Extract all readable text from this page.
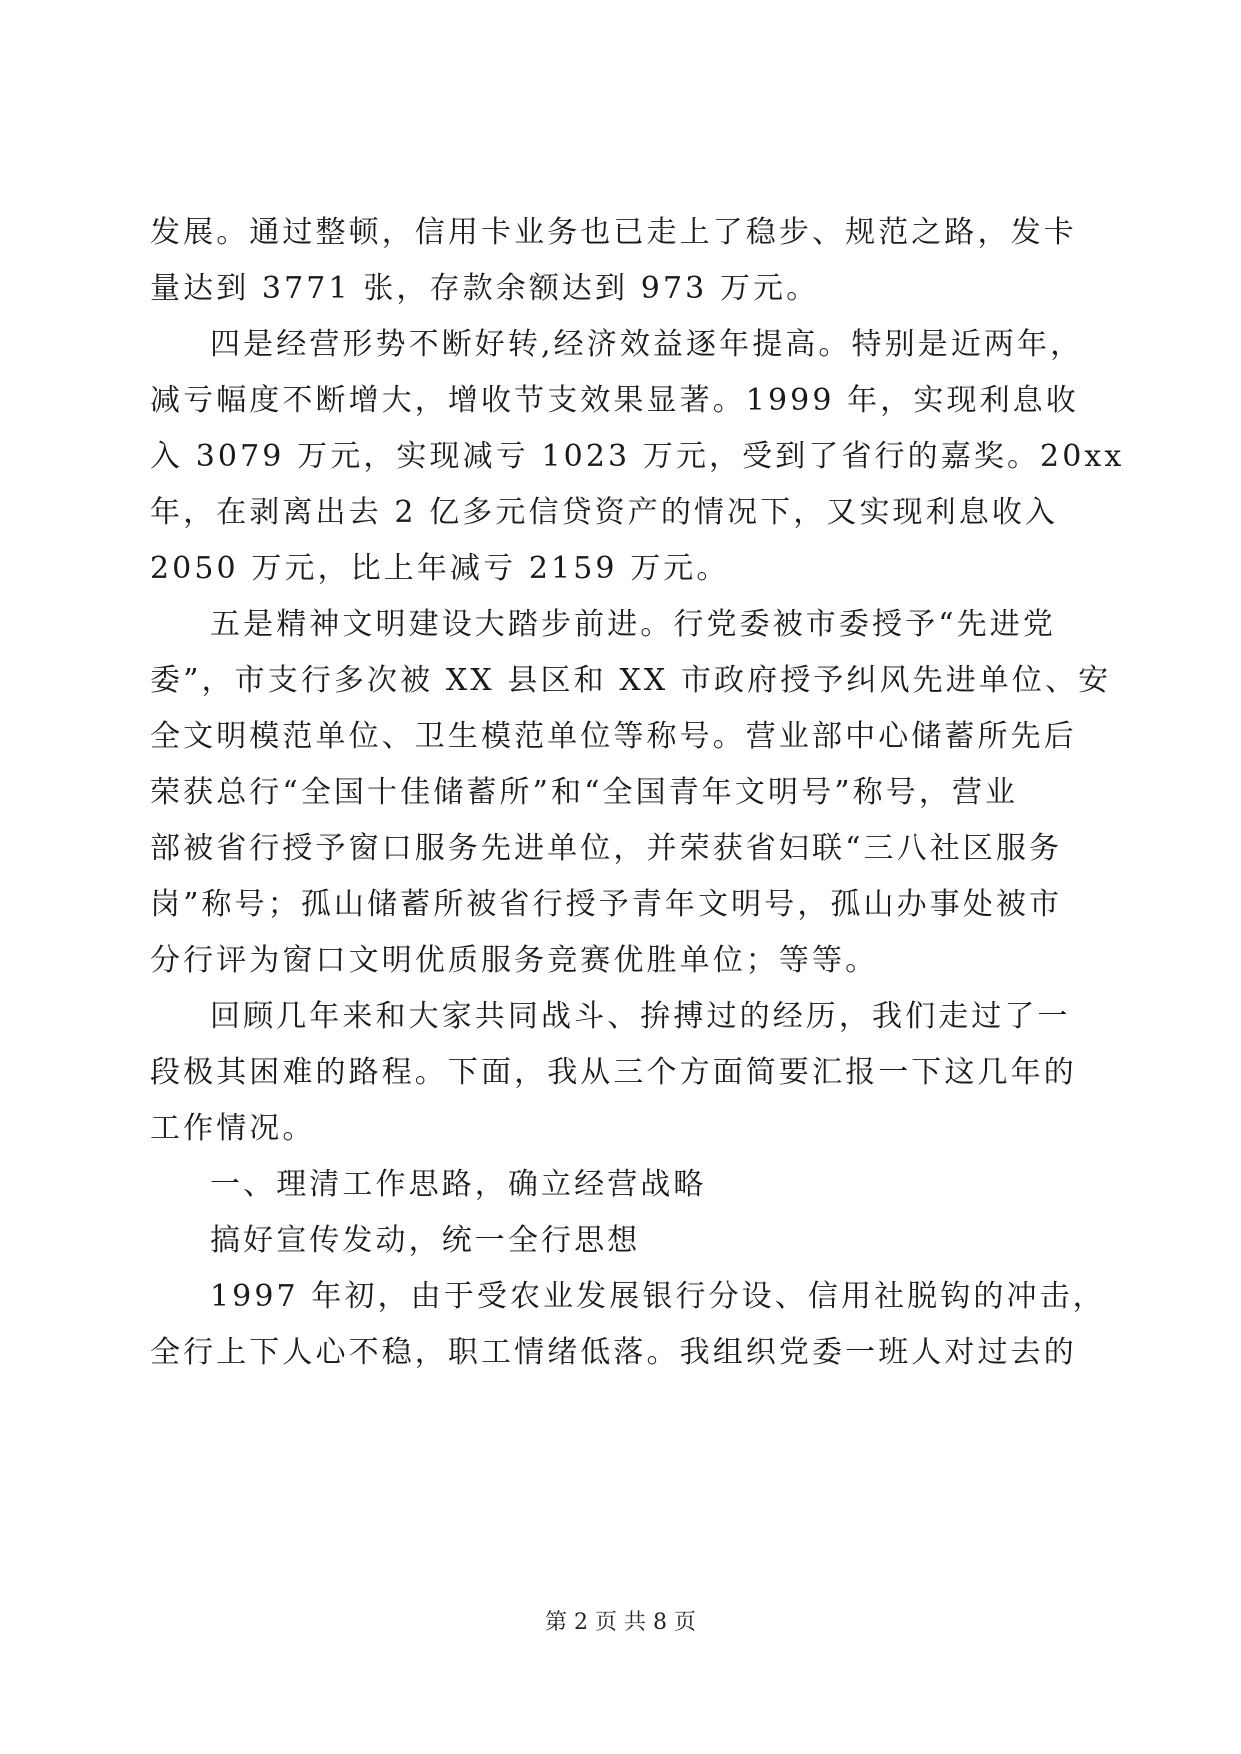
发展。通过整顿，信用卡业务也已走上了稳步、规范之路，发卡
量达到 3771 张，存款余额达到 973 万元。
四是经营形势不断好转,经济效益逐年提高。特别是近两年，
减亏幅度不断增大，增收节支效果显著。1999 年，实现利息收
入 3079 万元，实现减亏 1023 万元，受到了省行的嘉奖。20xx
年，在剥离出去 2 亿多元信贷资产的情况下，又实现利息收入
2050 万元，比上年减亏 2159 万元。
五是精神文明建设大踏步前进。行党委被市委授予“先进党
委”，市支行多次被 XX 县区和 XX 市政府授予纠风先进单位、安
全文明模范单位、卫生模范单位等称号。营业部中心储蓄所先后
荣获总行“全国十佳储蓄所”和“全国青年文明号”称号，营业
部被省行授予窗口服务先进单位，并荣获省妇联“三八社区服务
岗”称号；孤山储蓄所被省行授予青年文明号，孤山办事处被市
分行评为窗口文明优质服务竞赛优胜单位；等等。
回顾几年来和大家共同战斗、拚搏过的经历，我们走过了一
段极其困难的路程。下面，我从三个方面简要汇报一下这几年的
工作情况。
一、理清工作思路，确立经营战略
搞好宣传发动，统一全行思想
1997 年初，由于受农业发展银行分设、信用社脱钩的冲击，
全行上下人心不稳，职工情绪低落。我组织党委一班人对过去的
第 2 页 共 8 页
